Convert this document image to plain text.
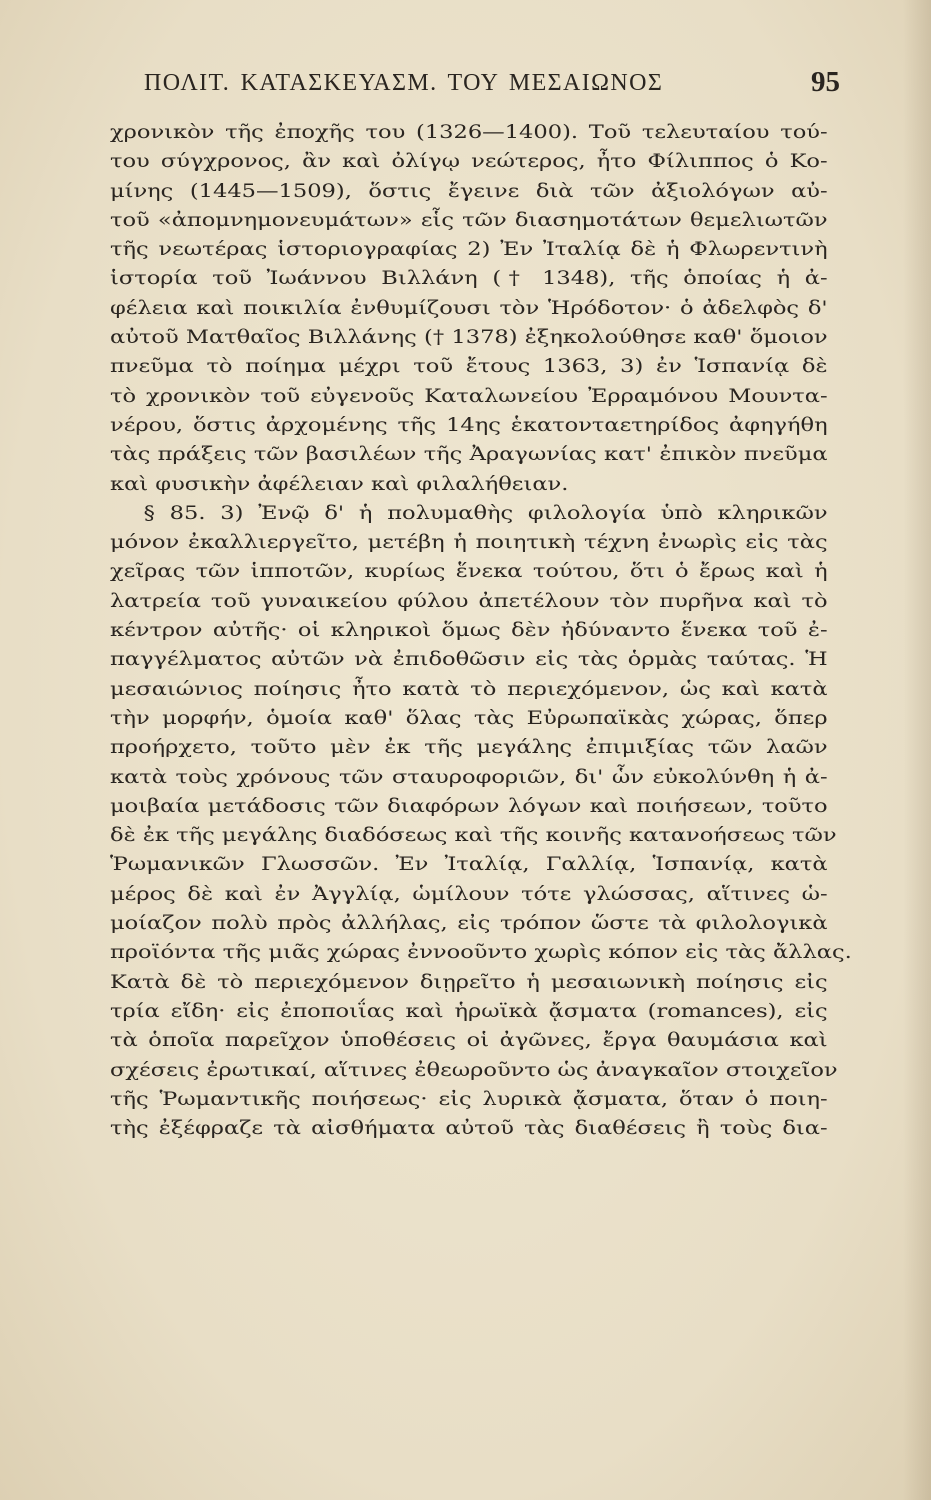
ΠΟΛΙΤ. ΚΑΤΑΣΚΕΥΑΣΜ. ΤΟΥ ΜΕΣΑΙΩΝΟΣ	95
χρονικὸν τῆς ἐποχῆς του (1326—1400). Τοῦ τελευταίου τού-
του σύγχρονος, ἂν καὶ ὀλίγῳ νεώτερος, ἦτο Φίλιππος ὁ Κο-
μίνης (1445—1509), ὅστις ἔγεινε διὰ τῶν ἀξιολόγων αὐ-
τοῦ «ἀπομνημονευμάτων» εἷς τῶν διασημοτάτων θεμελιωτῶν
τῆς νεωτέρας ἱστοριογραφίας 2) Ἐν Ἰταλίᾳ δὲ ἡ Φλωρεντινὴ
ἱστορία τοῦ Ἰωάννου Βιλλάνη († 1348), τῆς ὁποίας ἡ ἀ-
φέλεια καὶ ποικιλία ἐνθυμίζουσι τὸν Ἡρόδοτον· ὁ ἀδελφὸς δ'
αὐτοῦ Ματθαῖος Βιλλάνης († 1378) ἐξηκολούθησε καθ' ὅμοιον
πνεῦμα τὸ ποίημα μέχρι τοῦ ἔτους 1363, 3) ἐν Ἱσπανίᾳ δὲ
τὸ χρονικὸν τοῦ εὐγενοῦς Καταλωνείου Ἐρραμόνου Μουντα-
νέρου, ὅστις ἀρχομένης τῆς 14ης ἑκατονταετηρίδος ἀφηγήθη
τὰς πράξεις τῶν βασιλέων τῆς Ἀραγωνίας κατ' ἐπικὸν πνεῦμα
καὶ φυσικὴν ἀφέλειαν καὶ φιλαλήθειαν.
§ 85. 3) Ἐνῷ δ' ἡ πολυμαθὴς φιλολογία ὑπὸ κληρικῶν
μόνον ἐκαλλιεργεῖτο, μετέβη ἡ ποιητικὴ τέχνη ἐνωρὶς εἰς τὰς
χεῖρας τῶν ἱπποτῶν, κυρίως ἕνεκα τούτου, ὅτι ὁ ἔρως καὶ ἡ
λατρεία τοῦ γυναικείου φύλου ἀπετέλουν τὸν πυρῆνα καὶ τὸ
κέντρον αὐτῆς· οἱ κληρικοὶ ὅμως δὲν ἠδύναντο ἕνεκα τοῦ ἐ-
παγγέλματος αὐτῶν νὰ ἐπιδοθῶσιν εἰς τὰς ὁρμὰς ταύτας. Ἡ
μεσαιώνιος ποίησις ἦτο κατὰ τὸ περιεχόμενον, ὡς καὶ κατὰ
τὴν μορφήν, ὁμοία καθ' ὅλας τὰς Εὐρωπαϊκὰς χώρας, ὅπερ
προήρχετο, τοῦτο μὲν ἐκ τῆς μεγάλης ἐπιμιξίας τῶν λαῶν
κατὰ τοὺς χρόνους τῶν σταυροφοριῶν, δι' ὧν εὐκολύνθη ἡ ἀ-
μοιβαία μετάδοσις τῶν διαφόρων λόγων καὶ ποιήσεων, τοῦτο
δὲ ἐκ τῆς μεγάλης διαδόσεως καὶ τῆς κοινῆς κατανοήσεως τῶν
Ῥωμανικῶν Γλωσσῶν. Ἐν Ἰταλίᾳ, Γαλλίᾳ, Ἱσπανίᾳ, κατὰ
μέρος δὲ καὶ ἐν Ἀγγλίᾳ, ὡμίλουν τότε γλώσσας, αἵτινες ὡ-
μοίαζον πολὺ πρὸς ἀλλήλας, εἰς τρόπον ὥστε τὰ φιλολογικὰ
προϊόντα τῆς μιᾶς χώρας ἐννοοῦντο χωρὶς κόπον εἰς τὰς ἄλλας.
Κατὰ δὲ τὸ περιεχόμενον διῃρεῖτο ἡ μεσαιωνικὴ ποίησις εἰς
τρία εἴδη· εἰς ἐποποιΐας καὶ ἡρωϊκὰ ᾄσματα (romances), εἰς
τὰ ὁποῖα παρεῖχον ὑποθέσεις οἱ ἀγῶνες, ἔργα θαυμάσια καὶ
σχέσεις ἐρωτικαί, αἵτινες ἐθεωροῦντο ὡς ἀναγκαῖον στοιχεῖον
τῆς Ῥωμαντικῆς ποιήσεως· εἰς λυρικὰ ᾄσματα, ὅταν ὁ ποιη-
τὴς ἐξέφραζε τὰ αἰσθήματα αὐτοῦ τὰς διαθέσεις ἢ τοὺς δια-
